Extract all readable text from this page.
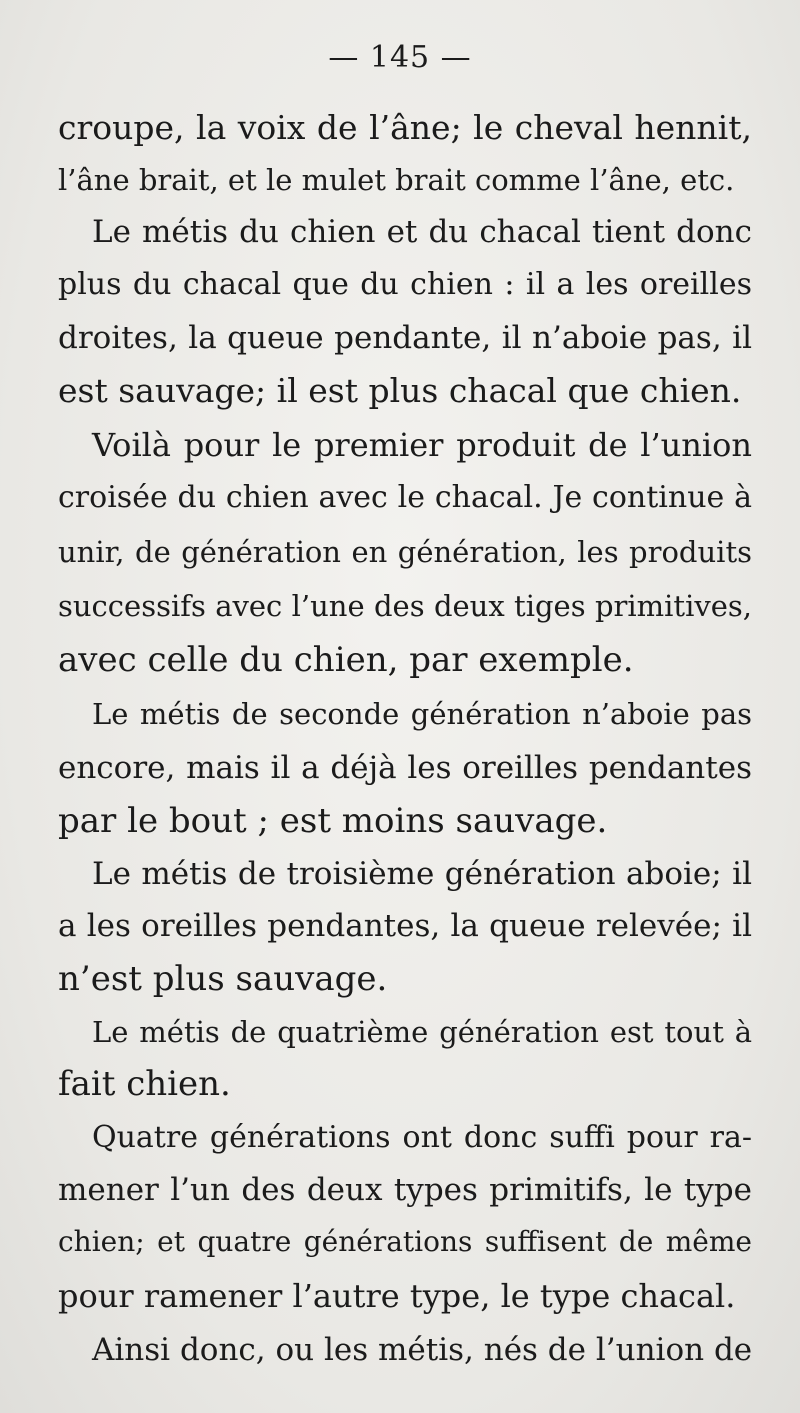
— 145 —
croupe, la voix de l’âne; le cheval hennit,
l’âne brait, et le mulet brait comme l’âne, etc.
Le métis du chien et du chacal tient donc
plus du chacal que du chien : il a les oreilles
droites, la queue pendante, il n’aboie pas, il
est sauvage; il est plus chacal que chien.
Voilà pour le premier produit de l’union
croisée du chien avec le chacal. Je continue à
unir, de génération en génération, les produits
successifs avec l’une des deux tiges primitives,
avec celle du chien, par exemple.
Le métis de seconde génération n’aboie pas
encore, mais il a déjà les oreilles pendantes
par le bout ; est moins sauvage.
Le métis de troisième génération aboie; il
a les oreilles pendantes, la queue relevée; il
n’est plus sauvage.
Le métis de quatrième génération est tout à
fait chien.
Quatre générations ont donc suffi pour ra-
mener l’un des deux types primitifs, le type
chien; et quatre générations suffisent de même
pour ramener l’autre type, le type chacal.
Ainsi donc, ou les métis, nés de l’union de
